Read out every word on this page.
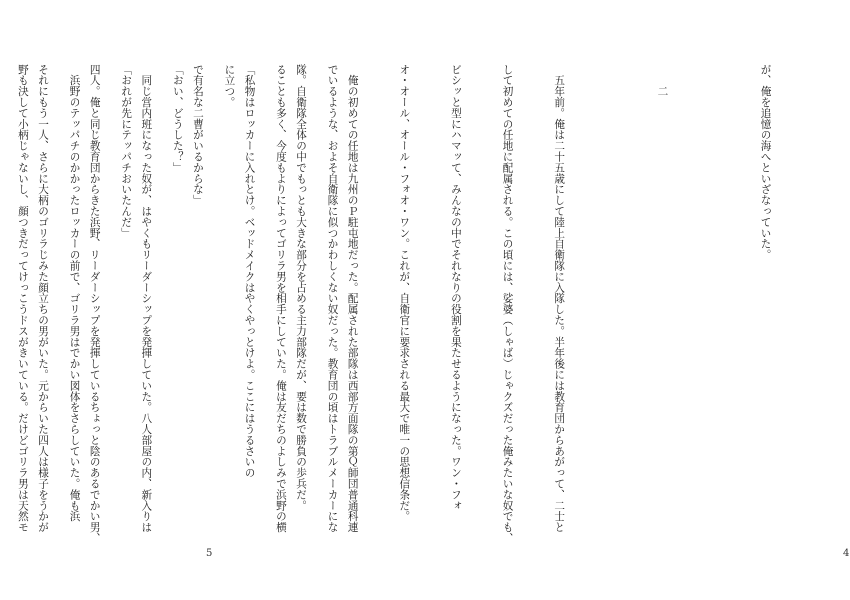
でいるような、およそ自衛隊に似つかわしくない奴だった。教育団の頃はトラブルメーカーにな

ることも多く、今度もよりによってゴリラ男を相手にしていた。俺は友だちのよしみで浜野の横

に立つ。

「おい、どうした？」

「おれが先にテッパチおいたんだ」

　浜野のテッパチのかかったロッカーの前で、ゴリラ男はでかい図体をさらしていた。俺も浜

野も決して小柄じゃないし、顔つきだってけっこうドスがきいている。だけどゴリラ男は天然モ

5

が、俺を追憶の海へといざなっていた。

　　二

　五年前。俺は二十五歳にして陸上自衛隊に入隊した。半年後には教育団からあがって、二士と

して初めての任地に配属される。この頃には、娑婆（しゃば）じゃクズだった俺みたいな奴でも、

ビシッと型にハマッて、みんなの中でそれなりの役割を果たせるようになった。ワン・フォ

オ・オール、オール・フォオ・ワン。これが、自衛官に要求される最大で唯一の思想信条だ。

　俺の初めての任地は九州のＰ駐屯地だった。配属された部隊は西部方面隊の第Ｑ師団普通科連

隊。自衛隊全体の中でもっとも大きな部分を占める主力部隊だが、要は数で勝負の歩兵だ。

「私物はロッカーに入れとけ。ベッドメイクはやくやっとけよ。ここにはうるさいの

で有名な二曹がいるからな」

　同じ営内班になった奴が、はやくもリーダーシップを発揮していた。八人部屋の内、新入りは

四人。俺と同じ教育団からきた浜野、リーダーシップを発揮しているちょっと陰のあるでかい男、

それにもう一人、さらに大柄のゴリラじみた顔立ちの男がいた。元からいた四人は様子をうかが

4
